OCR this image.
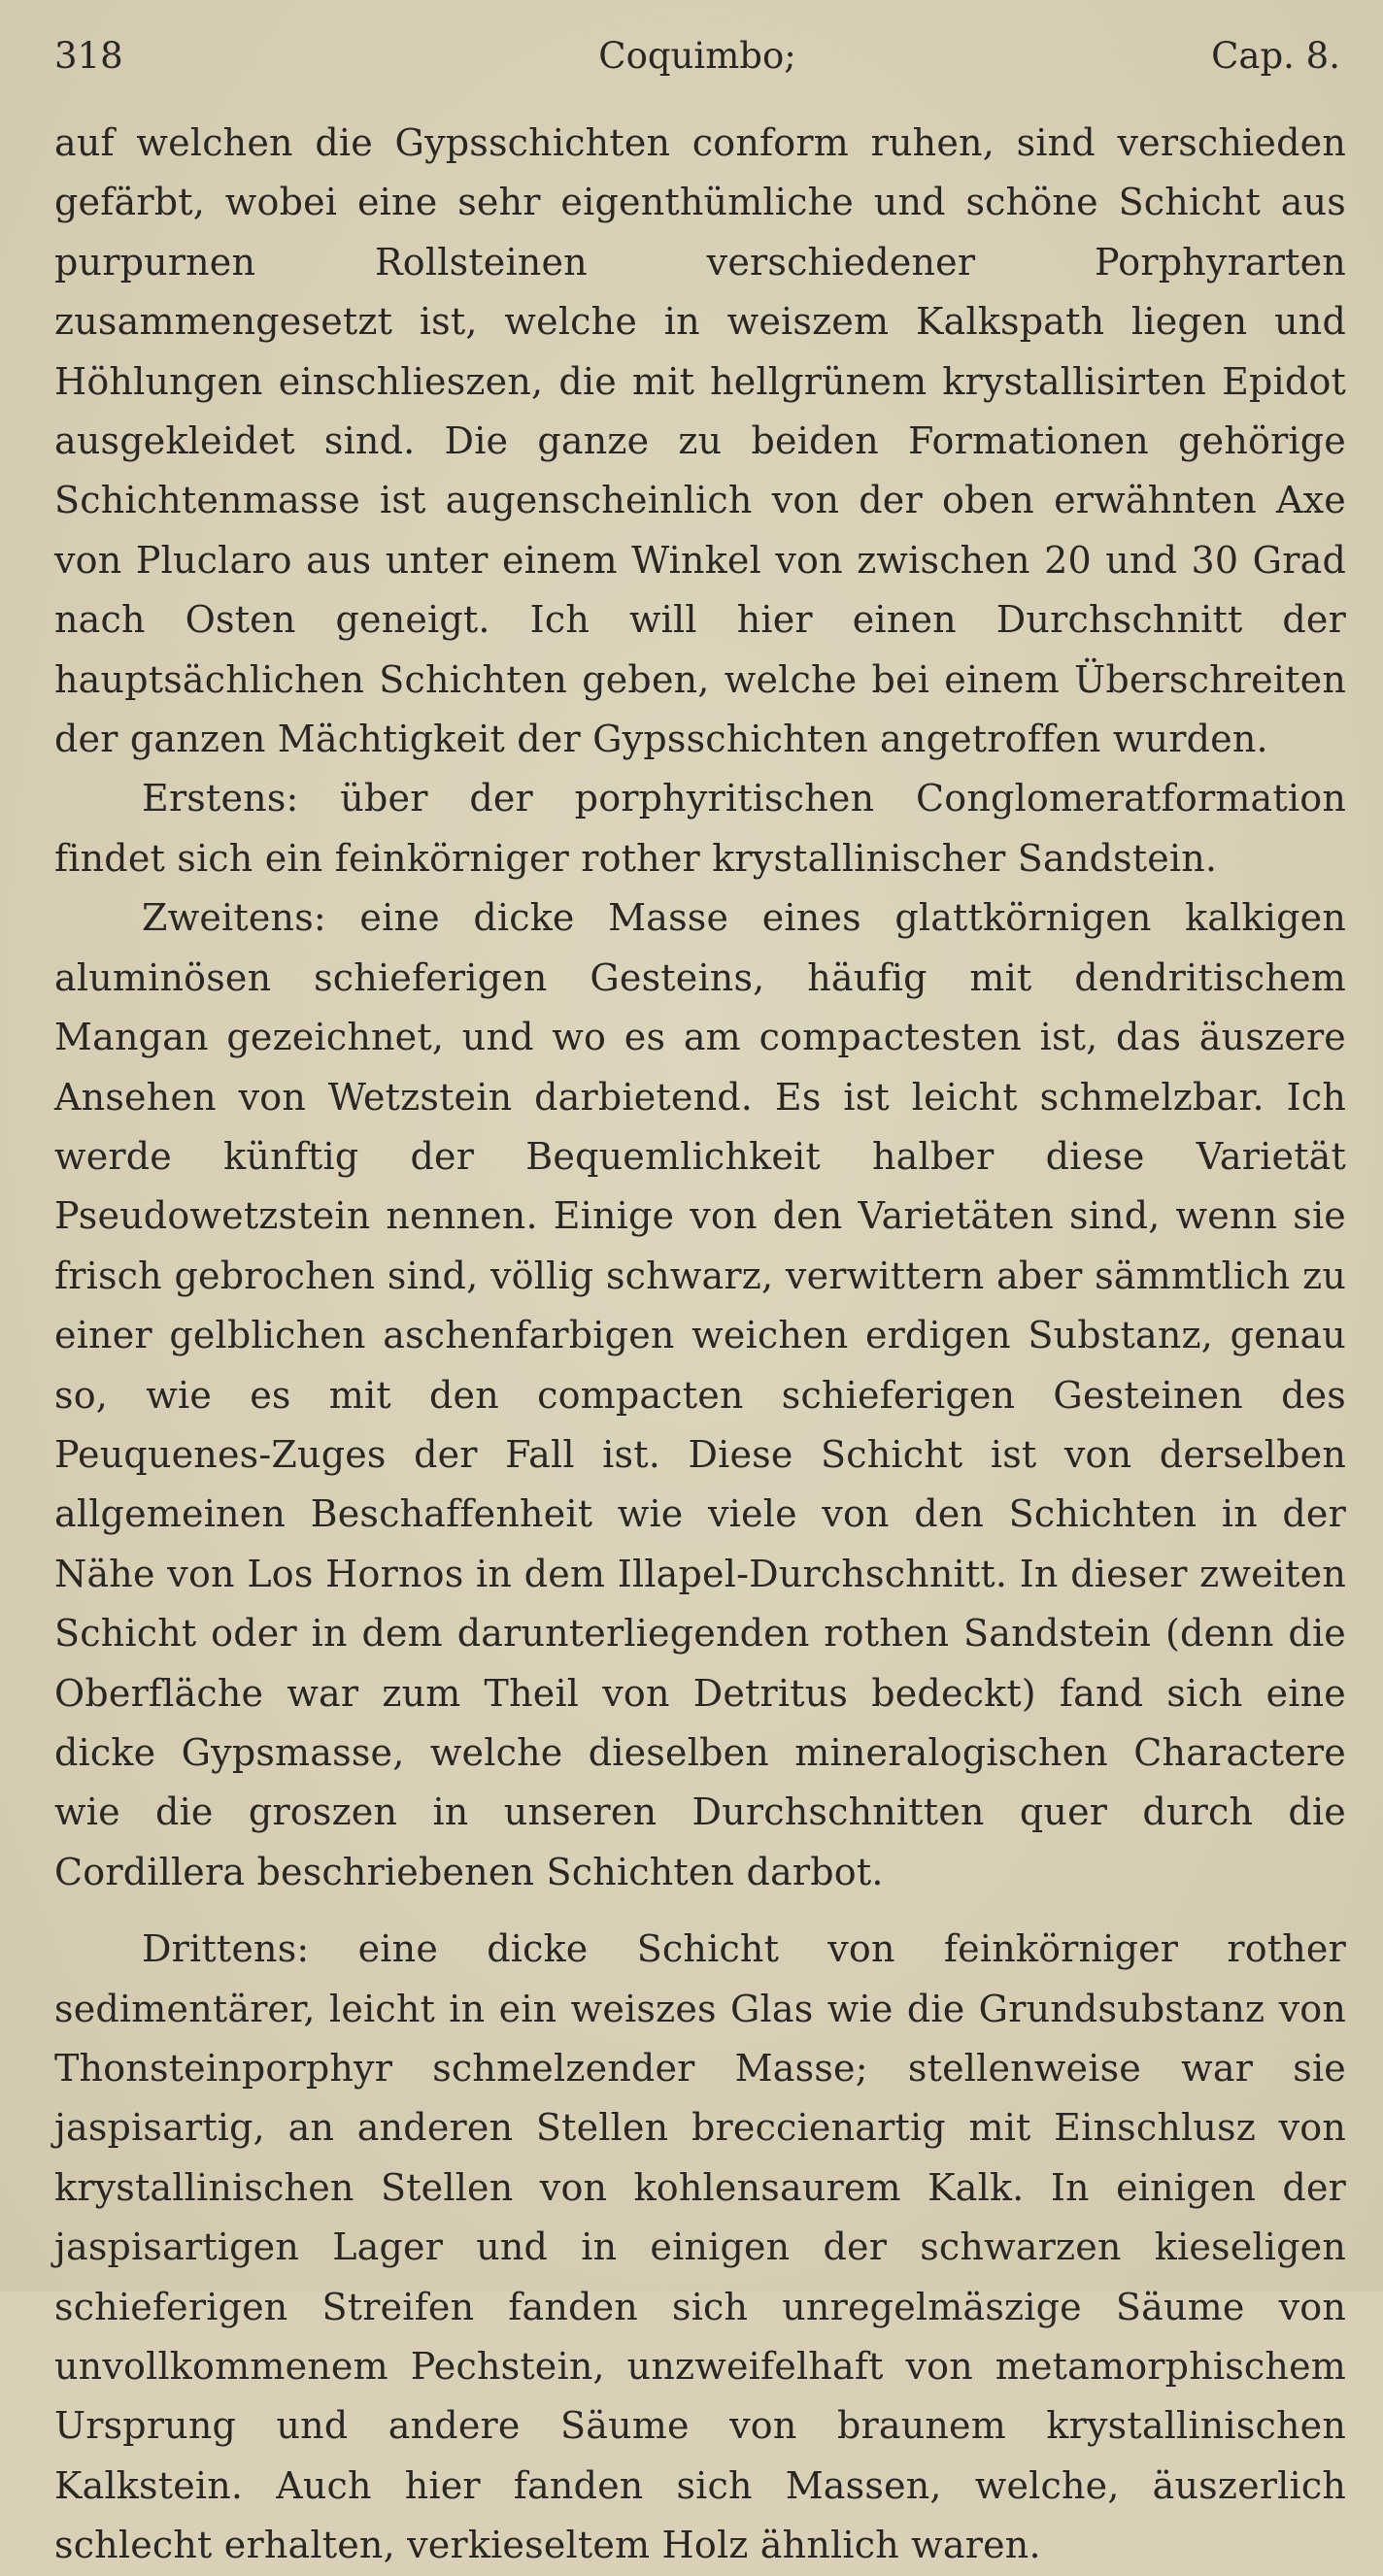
318	Coquimbo;	Cap. 8.

auf welchen die Gypsschichten conform ruhen, sind verschieden gefärbt, wobei eine sehr eigenthümliche und schöne Schicht aus purpurnen Rollsteinen verschiedener Porphyrarten zusammengesetzt ist, welche in weiszem Kalkspath liegen und Höhlungen einschlieszen, die mit hellgrünem krystallisirten Epidot ausgekleidet sind. Die ganze zu beiden Formationen gehörige Schichtenmasse ist augenscheinlich von der oben erwähnten Axe von Pluclaro aus unter einem Winkel von zwischen 20 und 30 Grad nach Osten geneigt. Ich will hier einen Durchschnitt der hauptsächlichen Schichten geben, welche bei einem Überschreiten der ganzen Mächtigkeit der Gypsschichten angetroffen wurden.

Erstens: über der porphyritischen Conglomeratformation findet sich ein feinkörniger rother krystallinischer Sandstein.

Zweitens: eine dicke Masse eines glattkörnigen kalkigen aluminösen schieferigen Gesteins, häufig mit dendritischem Mangan gezeichnet, und wo es am compactesten ist, das äuszere Ansehen von Wetzstein darbietend. Es ist leicht schmelzbar. Ich werde künftig der Bequemlichkeit halber diese Varietät Pseudowetzstein nennen. Einige von den Varietäten sind, wenn sie frisch gebrochen sind, völlig schwarz, verwittern aber sämmtlich zu einer gelblichen aschenfarbigen weichen erdigen Substanz, genau so, wie es mit den compacten schieferigen Gesteinen des Peuquenes-Zuges der Fall ist. Diese Schicht ist von derselben allgemeinen Beschaffenheit wie viele von den Schichten in der Nähe von Los Hornos in dem Illapel-Durchschnitt. In dieser zweiten Schicht oder in dem darunterliegenden rothen Sandstein (denn die Oberfläche war zum Theil von Detritus bedeckt) fand sich eine dicke Gypsmasse, welche dieselben mineralogischen Charactere wie die groszen in unseren Durchschnitten quer durch die Cordillera beschriebenen Schichten darbot.

Drittens: eine dicke Schicht von feinkörniger rother sedimentärer, leicht in ein weiszes Glas wie die Grundsubstanz von Thonsteinporphyr schmelzender Masse; stellenweise war sie jaspisartig, an anderen Stellen breccienartig mit Einschlusz von krystallinischen Stellen von kohlensaurem Kalk. In einigen der jaspisartigen Lager und in einigen der schwarzen kieseligen schieferigen Streifen fanden sich unregelmäszige Säume von unvollkommenem Pechstein, unzweifelhaft von metamorphischem Ursprung und andere Säume von braunem krystallinischen Kalkstein. Auch hier fanden sich Massen, welche, äuszerlich schlecht erhalten, verkieseltem Holz ähnlich waren.
